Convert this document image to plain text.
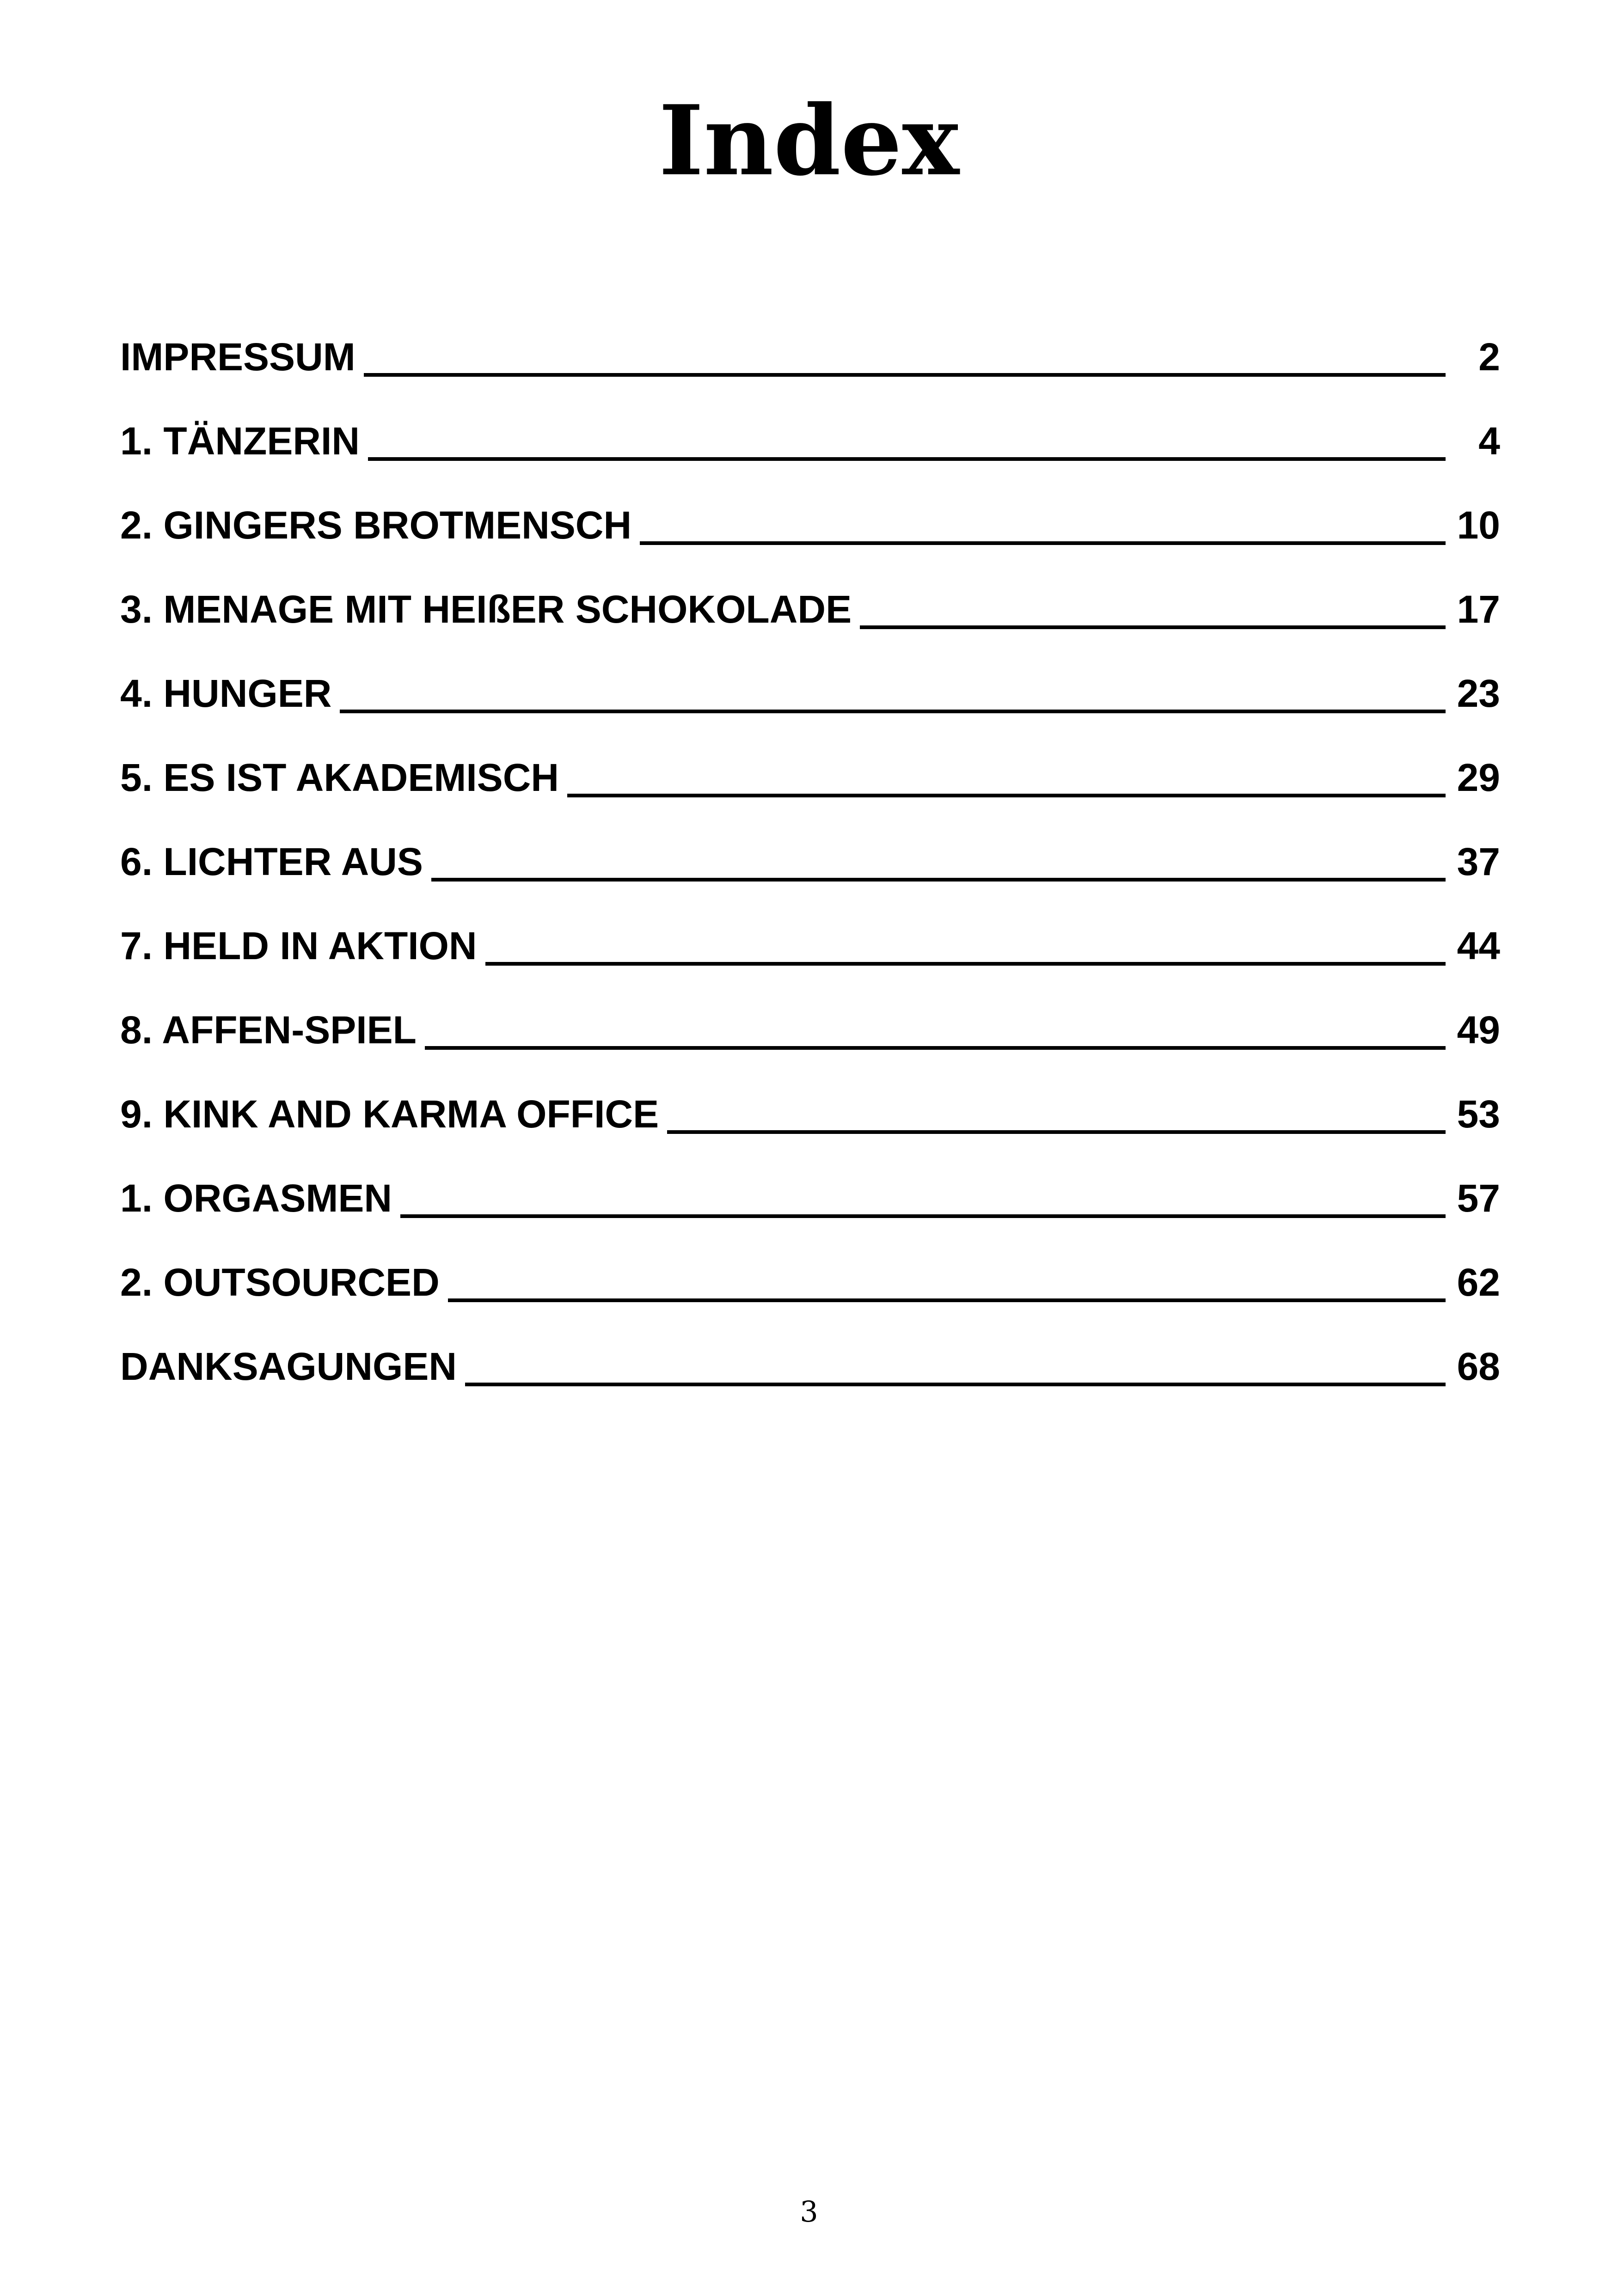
Index
IMPRESSUM	2
1. TÄNZERIN	4
2. GINGERS BROTMENSCH	10
3. MENAGE MIT HEIßER SCHOKOLADE	17
4. HUNGER	23
5. ES IST AKADEMISCH	29
6. LICHTER AUS	37
7. HELD IN AKTION	44
8. AFFEN-SPIEL	49
9. KINK AND KARMA OFFICE	53
1. ORGASMEN	57
2. OUTSOURCED	62
DANKSAGUNGEN	68
3
